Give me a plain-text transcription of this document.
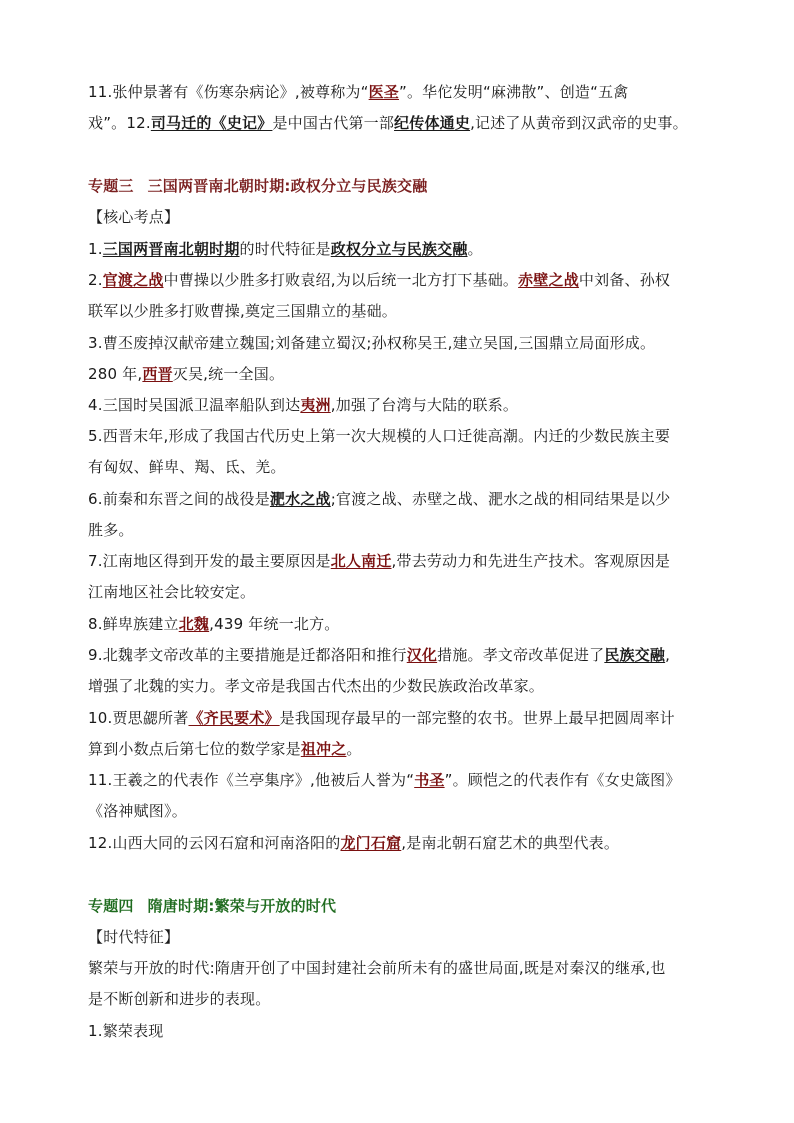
11.张仲景著有《伤寒杂病论》,被尊称为“医圣”。华佗发明“麻沸散”、创造“五禽
戏”。12.司马迁的《史记》是中国古代第一部纪传体通史,记述了从黄帝到汉武帝的史事。
专题三 三国两晋南北朝时期:政权分立与民族交融
【核心考点】
1.三国两晋南北朝时期的时代特征是政权分立与民族交融。
2.官渡之战中曹操以少胜多打败袁绍,为以后统一北方打下基础。赤壁之战中刘备、孙权
联军以少胜多打败曹操,奠定三国鼎立的基础。
3.曹丕废掉汉献帝建立魏国;刘备建立蜀汉;孙权称吴王,建立吴国,三国鼎立局面形成。
280 年,西晋灭吴,统一全国。
4.三国时吴国派卫温率船队到达夷洲,加强了台湾与大陆的联系。
5.西晋末年,形成了我国古代历史上第一次大规模的人口迁徙高潮。内迁的少数民族主要
有匈奴、鲜卑、羯、氐、羌。
6.前秦和东晋之间的战役是淝水之战;官渡之战、赤壁之战、淝水之战的相同结果是以少
胜多。
7.江南地区得到开发的最主要原因是北人南迁,带去劳动力和先进生产技术。客观原因是
江南地区社会比较安定。
8.鲜卑族建立北魏,439 年统一北方。
9.北魏孝文帝改革的主要措施是迁都洛阳和推行汉化措施。孝文帝改革促进了民族交融,
增强了北魏的实力。孝文帝是我国古代杰出的少数民族政治改革家。
10.贾思勰所著《齐民要术》是我国现存最早的一部完整的农书。世界上最早把圆周率计
算到小数点后第七位的数学家是祖冲之。
11.王羲之的代表作《兰亭集序》,他被后人誉为“书圣”。顾恺之的代表作有《女史箴图》
《洛神赋图》。
12.山西大同的云冈石窟和河南洛阳的龙门石窟,是南北朝石窟艺术的典型代表。
专题四 隋唐时期:繁荣与开放的时代
【时代特征】
繁荣与开放的时代:隋唐开创了中国封建社会前所未有的盛世局面,既是对秦汉的继承,也
是不断创新和进步的表现。
1.繁荣表现
